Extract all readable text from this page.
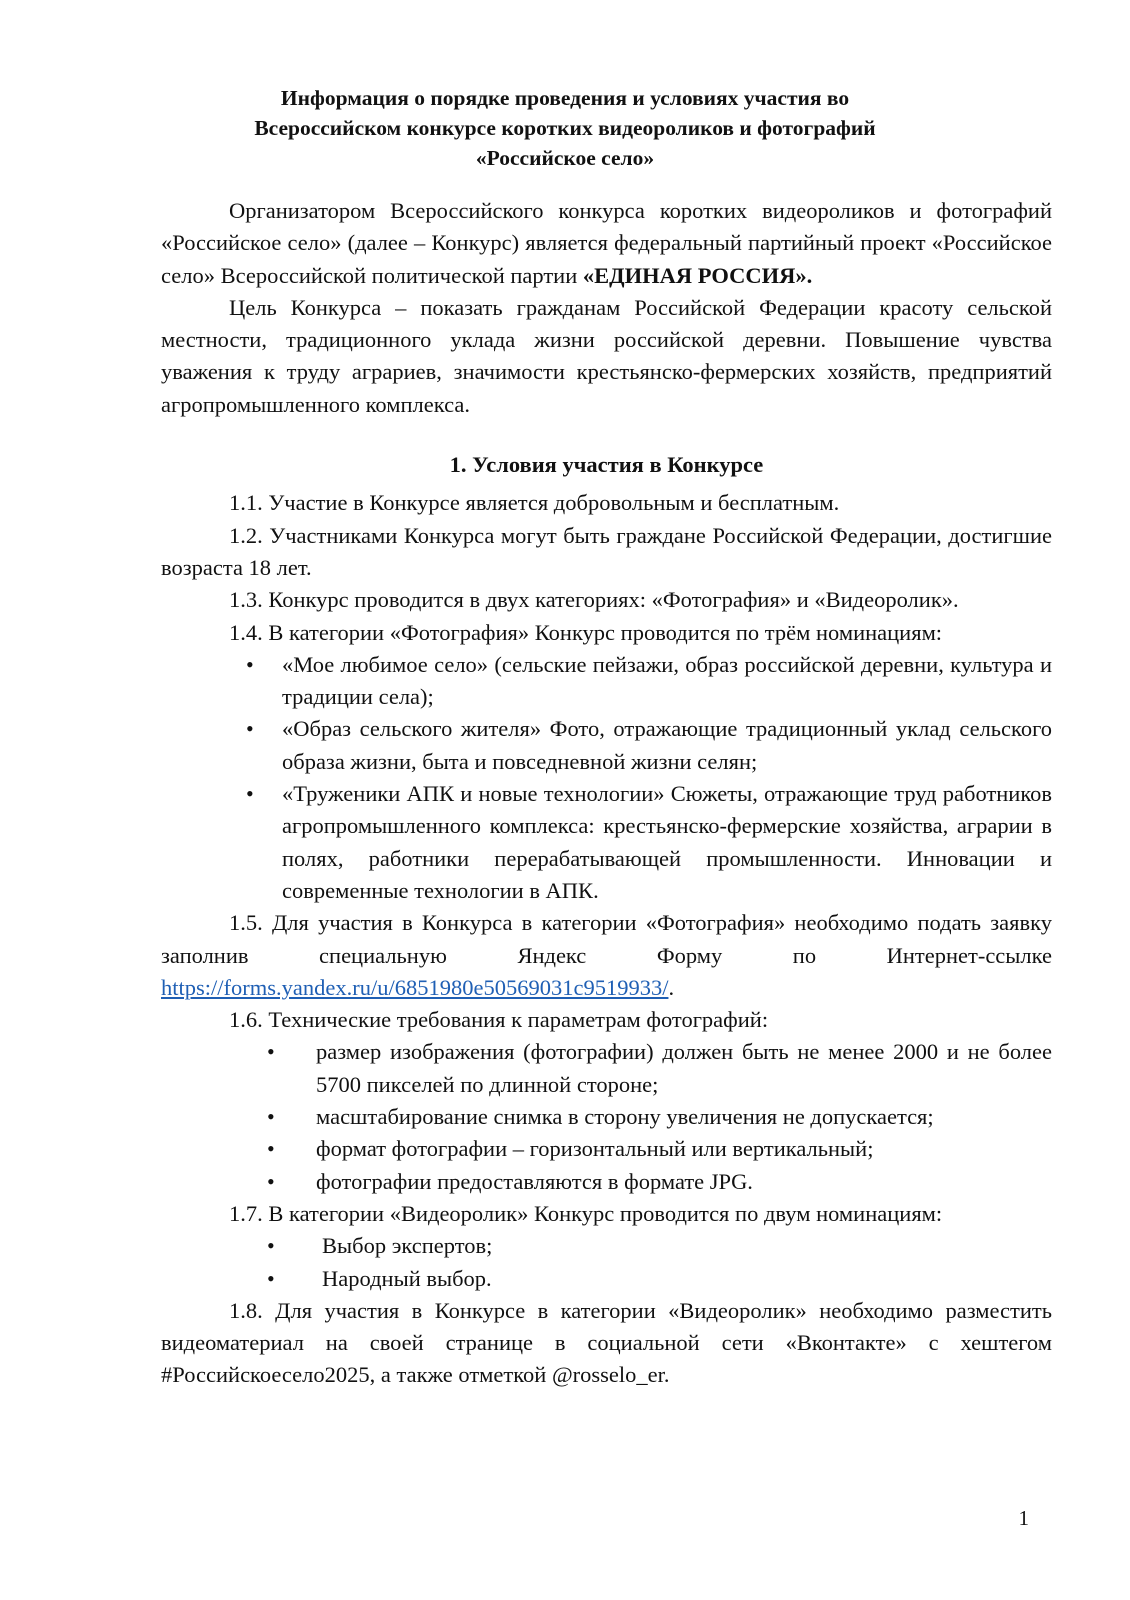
Информация о порядке проведения и условиях участия во
Всероссийском конкурсе коротких видеороликов и фотографий
«Российское село»

Организатором Всероссийского конкурса коротких видеороликов и фотографий «Российское село» (далее – Конкурс) является федеральный партийный проект «Российское село» Всероссийской политической партии «ЕДИНАЯ РОССИЯ».

Цель Конкурса – показать гражданам Российской Федерации красоту сельской местности, традиционного уклада жизни российской деревни. Повышение чувства уважения к труду аграриев, значимости крестьянско-фермерских хозяйств, предприятий агропромышленного комплекса.

1. Условия участия в Конкурсе

1.1. Участие в Конкурсе является добровольным и бесплатным.

1.2. Участниками Конкурса могут быть граждане Российской Федерации, достигшие возраста 18 лет.

1.3. Конкурс проводится в двух категориях: «Фотография» и «Видеоролик».

1.4. В категории «Фотография» Конкурс проводится по трём номинациям:

• «Мое любимое село» (сельские пейзажи, образ российской деревни, культура и традиции села);
• «Образ сельского жителя» Фото, отражающие традиционный уклад сельского образа жизни, быта и повседневной жизни селян;
• «Труженики АПК и новые технологии» Сюжеты, отражающие труд работников агропромышленного комплекса: крестьянско-фермерские хозяйства, аграрии в полях, работники перерабатывающей промышленности. Инновации и современные технологии в АПК.

1.5. Для участия в Конкурса в категории «Фотография» необходимо подать заявку заполнив специальную Яндекс Форму по Интернет-ссылке

https://forms.yandex.ru/u/6851980e50569031c9519933/.

1.6. Технические требования к параметрам фотографий:

• размер изображения (фотографии) должен быть не менее 2000 и не более 5700 пикселей по длинной стороне;
• масштабирование снимка в сторону увеличения не допускается;
• формат фотографии – горизонтальный или вертикальный;
• фотографии предоставляются в формате JPG.

1.7. В категории «Видеоролик» Конкурс проводится по двум номинациям:

• Выбор экспертов;
• Народный выбор.

1.8. Для участия в Конкурсе в категории «Видеоролик» необходимо разместить видеоматериал на своей странице в социальной сети «Вконтакте» с хештегом #Российскоесело2025, а также отметкой @rosselo_er.

1
